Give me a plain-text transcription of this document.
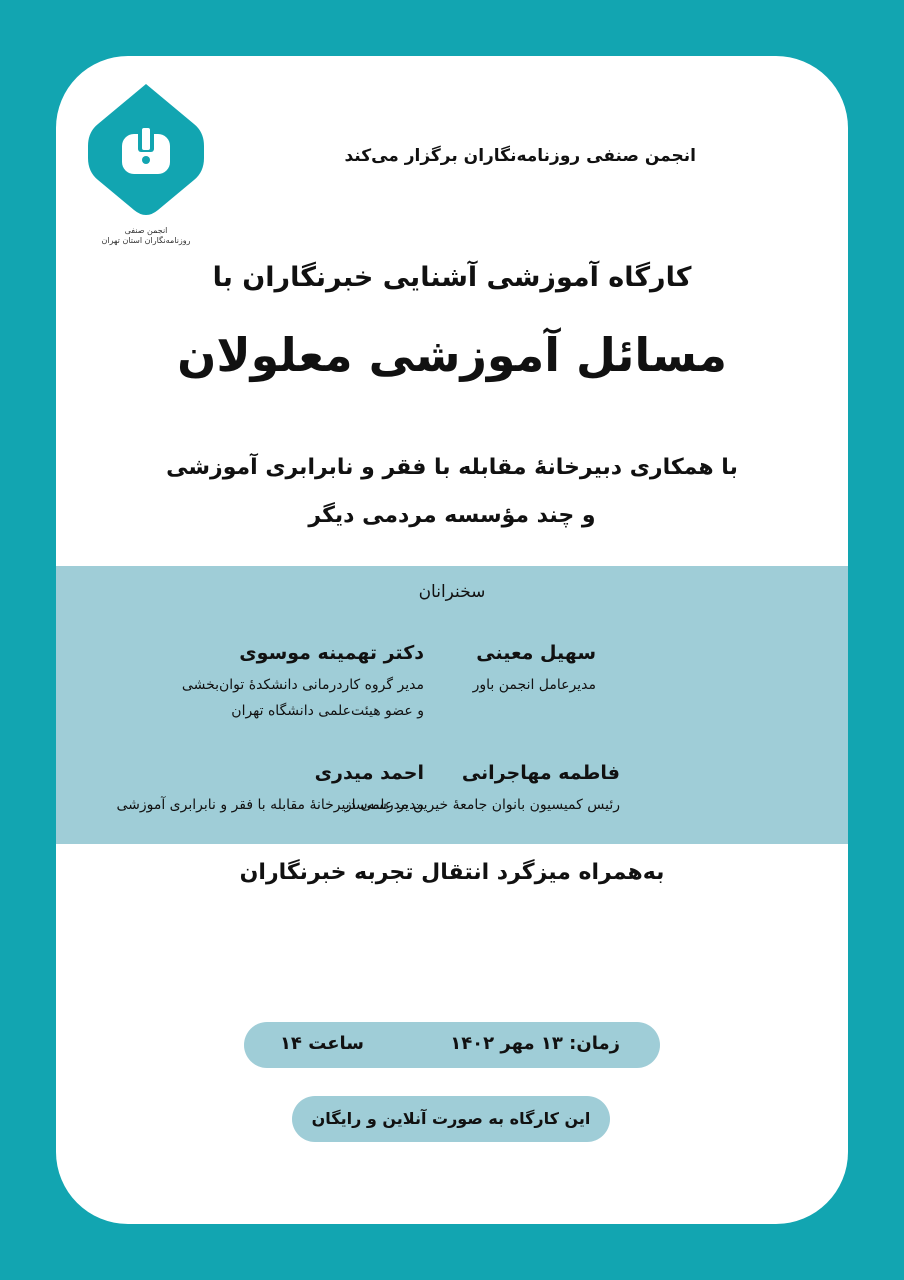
انجمن صنفی
روزنامه‌نگاران استان تهران
انجمن صنفی روزنامه‌نگاران برگزار می‌کند
کارگاه آموزشی آشنایی خبرنگاران با
مسائل آموزشی معلولان
با همکاری دبیرخانهٔ مقابله با فقر و نابرابری آموزشی
و چند مؤسسه مردمی دیگر
سخنرانان
سهیل معینی
مدیرعامل انجمن باور
دکتر تهمینه موسوی
مدیر گروه کاردرمانی دانشکدهٔ توان‌بخشی
و عضو هیئت‌علمی دانشگاه تهران
فاطمه مهاجرانی
رئیس کمیسیون بانوان جامعهٔ خیرین مدرسه‌ساز
احمد میدری
مدیر علمی دبیرخانهٔ مقابله با فقر و نابرابری آموزشی
به‌همراه میزگرد انتقال تجربه خبرنگاران
زمان: ۱۳ مهر ۱۴۰۲
ساعت ۱۴
این کارگاه به صورت آنلاین و رایگان
